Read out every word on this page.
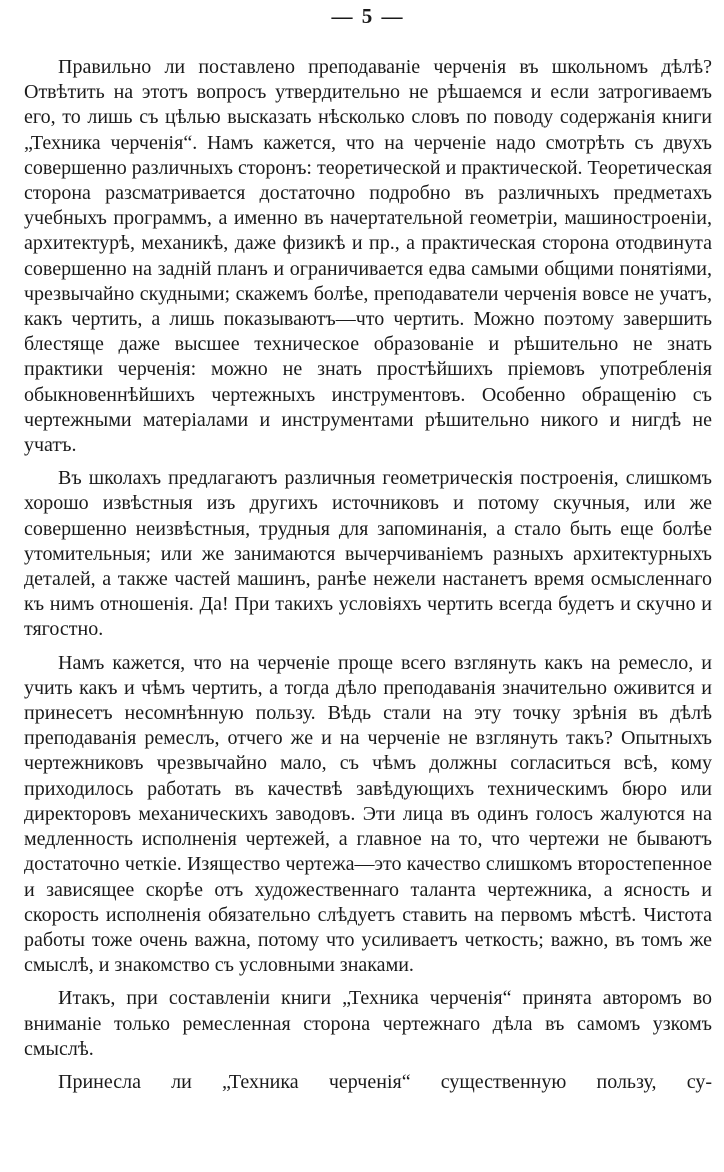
— 5 —

Правильно ли поставлено преподаванiе черченiя въ школьномъ дѣлѣ? Отвѣтить на этотъ вопросъ утвердительно не рѣшаемся и если затрогиваемъ его, то лишь съ цѣлью высказать нѣсколько словъ по поводу содержанiя книги „Техника черченiя“. Намъ кажется, что на черченiе надо смотрѣть съ двухъ совершенно различныхъ сторонъ: теоретической и практической. Теоретическая сторона разсматривается достаточно подробно въ различныхъ предметахъ учебныхъ программъ, а именно въ начертательной геометрiи, машиностроенiи, архитектурѣ, механикѣ, даже физикѣ и пр., а практическая сторона отодвинута совершенно на заднiй планъ и ограничивается едва самыми общими понятiями, чрезвычайно скудными; скажемъ болѣе, преподаватели черченiя вовсе не учатъ, какъ чертить, а лишь показываютъ—что чертить. Можно поэтому завершить блестяще даже высшее техническое образованiе и рѣшительно не знать практики черченiя: можно не знать простѣйшихъ прiемовъ употребленiя обыкновеннѣйшихъ чертежныхъ инструментовъ. Особенно обращенiю съ чертежными матерiалами и инструментами рѣшительно никого и нигдѣ не учатъ.

Въ школахъ предлагаютъ различныя геометрическiя построенiя, слишкомъ хорошо извѣстныя изъ другихъ источниковъ и потому скучныя, или же совершенно неизвѣстныя, трудныя для запоминанiя, а стало быть еще болѣе утомительныя; или же занимаются вычерчиванiемъ разныхъ архитектурныхъ деталей, а также частей машинъ, ранѣе нежели настанетъ время осмысленнаго къ нимъ отношенiя. Да! При такихъ условiяхъ чертить всегда будетъ и скучно и тягостно.

Намъ кажется, что на черченiе проще всего взглянуть какъ на ремесло, и учить какъ и чѣмъ чертить, а тогда дѣло преподаванiя значительно оживится и принесетъ несомнѣнную пользу. Вѣдь стали на эту точку зрѣнiя въ дѣлѣ преподаванiя ремеслъ, отчего же и на черченiе не взглянуть такъ? Опытныхъ чертежниковъ чрезвычайно мало, съ чѣмъ должны согласиться всѣ, кому приходилось работать въ качествѣ завѣдующихъ техническимъ бюро или директоровъ механическихъ заводовъ. Эти лица въ одинъ голосъ жалуются на медленность исполненiя чертежей, а главное на то, что чертежи не бываютъ достаточно четкiе. Изящество чертежа—это качество слишкомъ второстепенное и зависящее скорѣе отъ художественнаго таланта чертежника, а ясность и скорость исполненiя обязательно слѣдуетъ ставить на первомъ мѣстѣ. Чистота работы тоже очень важна, потому что усиливаетъ четкость; важно, въ томъ же смыслѣ, и знакомство съ условными знаками.

Итакъ, при составленiи книги „Техника черченiя“ принята авторомъ во вниманiе только ремесленная сторона чертежнаго дѣла въ самомъ узкомъ смыслѣ.

Принесла ли „Техника черченiя“ существенную пользу, су-
